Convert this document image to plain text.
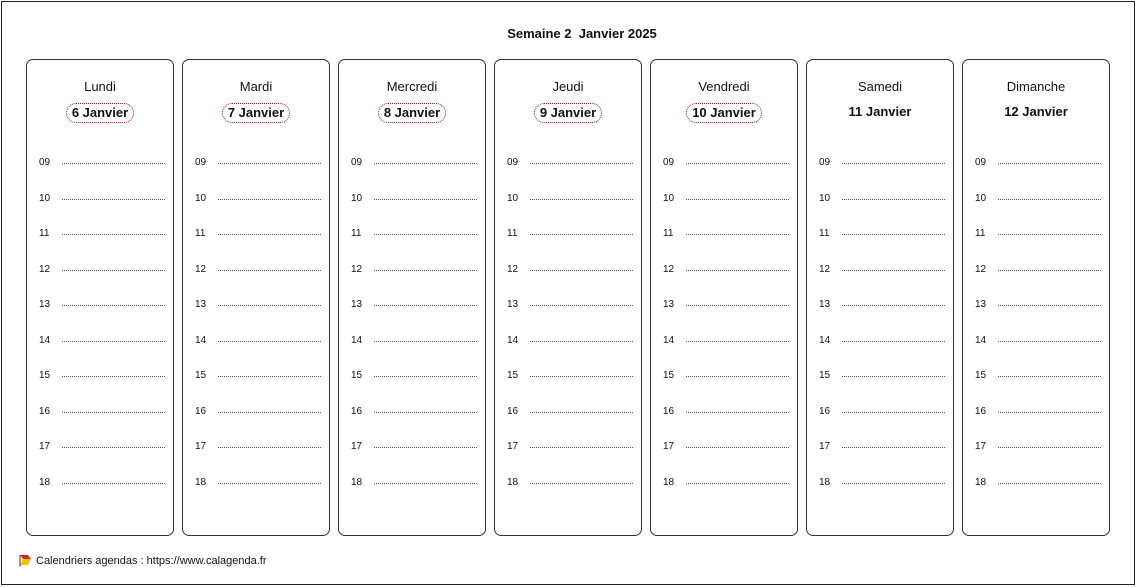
Semaine 2  Janvier 2025
Lundi
6 Janvier
09
10
11
12
13
14
15
16
17
18
Mardi
7 Janvier
09
10
11
12
13
14
15
16
17
18
Mercredi
8 Janvier
09
10
11
12
13
14
15
16
17
18
Jeudi
9 Janvier
09
10
11
12
13
14
15
16
17
18
Vendredi
10 Janvier
09
10
11
12
13
14
15
16
17
18
Samedi
11 Janvier
09
10
11
12
13
14
15
16
17
18
Dimanche
12 Janvier
09
10
11
12
13
14
15
16
17
18
Calendriers agendas : https://www.calagenda.fr
